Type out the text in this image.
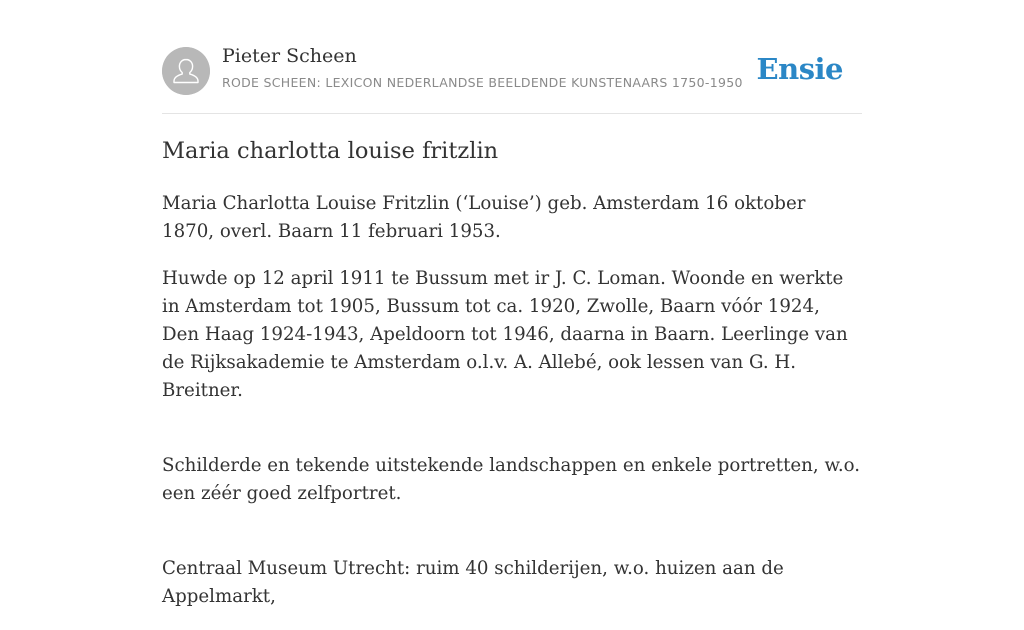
Pieter Scheen
RODE SCHEEN: LEXICON NEDERLANDSE BEELDENDE KUNSTENAARS 1750-1950 Ensie
Maria charlotta louise fritzlin

Maria Charlotta Louise Fritzlin (‘Louise’) geb. Amsterdam 16 oktober 1870, overl. Baarn 11 februari 1953.

Huwde op 12 april 1911 te Bussum met ir J. C. Loman. Woonde en werkte in Amsterdam tot 1905, Bussum tot ca. 1920, Zwolle, Baarn vóór 1924, Den Haag 1924-1943, Apeldoorn tot 1946, daarna in Baarn. Leerlinge van de Rijksakademie te Amsterdam o.l.v. A. Allebé, ook lessen van G. H. Breitner.

Schilderde en tekende uitstekende landschappen en enkele portretten, w.o. een zéér goed zelfportret.

Centraal Museum Utrecht: ruim 40 schilderijen, w.o. huizen aan de Appelmarkt,
